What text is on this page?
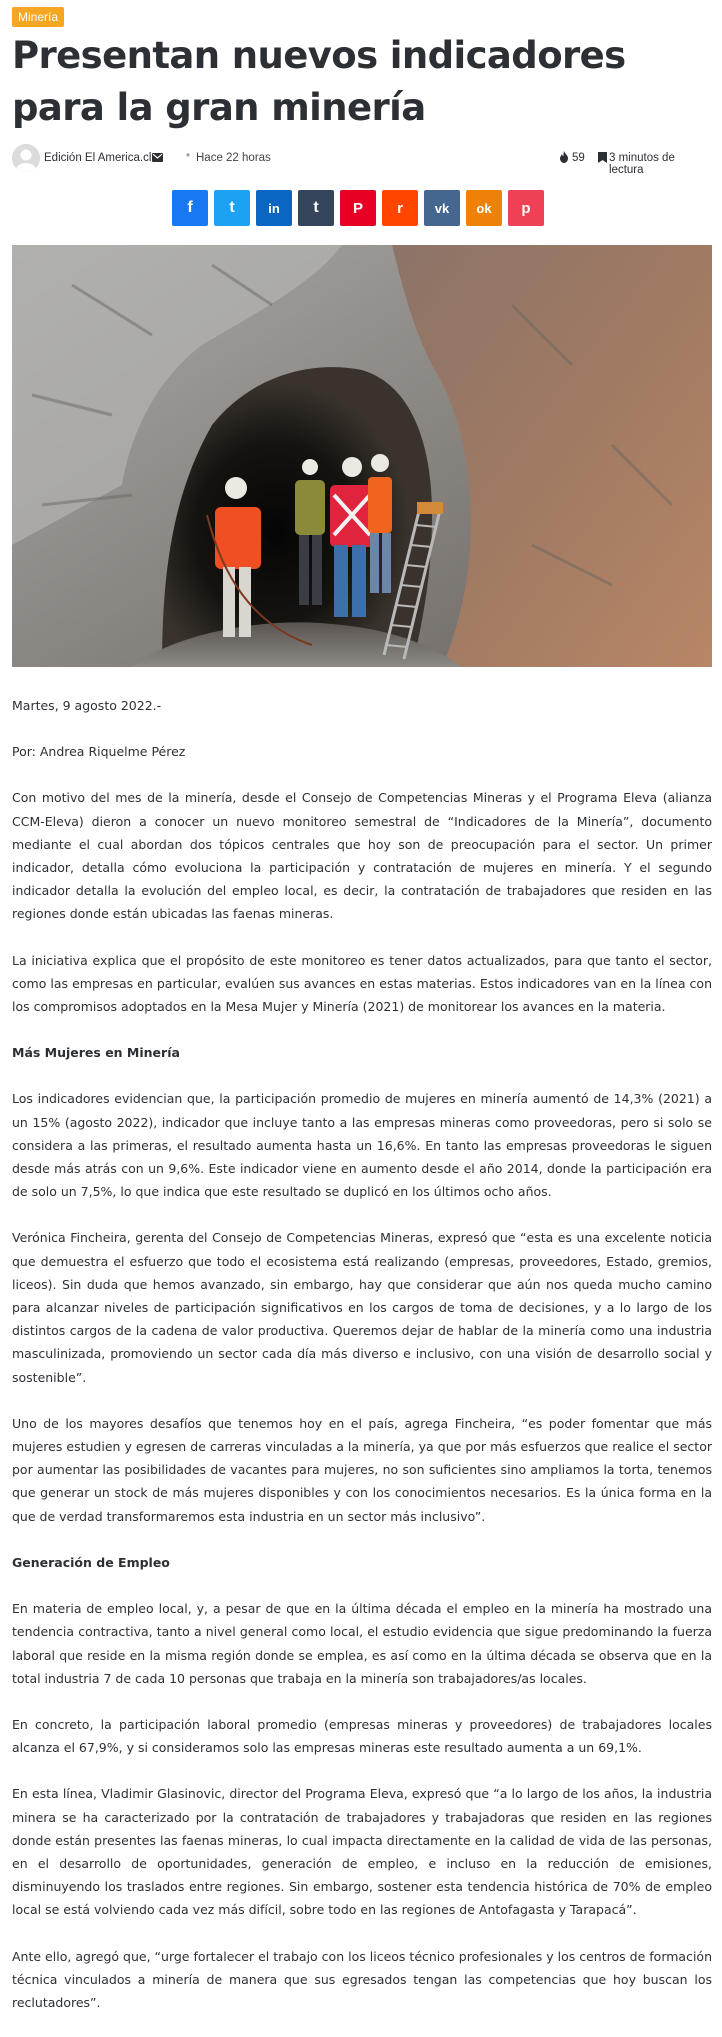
Minería
Presentan nuevos indicadores para la gran minería
Edición El America.cl	• Hace 22 horas	59 3 minutos de lectura
f t	in t P r vk ok p

Martes, 9 agosto 2022.-

Por: Andrea Riquelme Pérez

Con motivo del mes de la minería, desde el Consejo de Competencias Mineras y el Programa Eleva (alianza CCM-Eleva) dieron a conocer un nuevo monitoreo semestral de “Indicadores de la Minería”, documento mediante el cual abordan dos tópicos centrales que hoy son de preocupación para el sector. Un primer indicador, detalla cómo evoluciona la participación y contratación de mujeres en minería. Y el segundo indicador detalla la evolución del empleo local, es decir, la contratación de trabajadores que residen en las regiones donde están ubicadas las faenas mineras.

La iniciativa explica que el propósito de este monitoreo es tener datos actualizados, para que tanto el sector, como las empresas en particular, evalúen sus avances en estas materias. Estos indicadores van en la línea con los compromisos adoptados en la Mesa Mujer y Minería (2021) de monitorear los avances en la materia.

Más Mujeres en Minería

Los indicadores evidencian que, la participación promedio de mujeres en minería aumentó de 14,3% (2021) a un 15% (agosto 2022), indicador que incluye tanto a las empresas mineras como proveedoras, pero si solo se considera a las primeras, el resultado aumenta hasta un 16,6%. En tanto las empresas proveedoras le siguen desde más atrás con un 9,6%. Este indicador viene en aumento desde el año 2014, donde la participación era de solo un 7,5%, lo que indica que este resultado se duplicó en los últimos ocho años.

Verónica Fincheira, gerenta del Consejo de Competencias Mineras, expresó que “esta es una excelente noticia que demuestra el esfuerzo que todo el ecosistema está realizando (empresas, proveedores, Estado, gremios, liceos). Sin duda que hemos avanzado, sin embargo, hay que considerar que aún nos queda mucho camino para alcanzar niveles de participación significativos en los cargos de toma de decisiones, y a lo largo de los distintos cargos de la cadena de valor productiva. Queremos dejar de hablar de la minería como una industria masculinizada, promoviendo un sector cada día más diverso e inclusivo, con una visión de desarrollo social y sostenible”.

Uno de los mayores desafíos que tenemos hoy en el país, agrega Fincheira, “es poder fomentar que más mujeres estudien y egresen de carreras vinculadas a la minería, ya que por más esfuerzos que realice el sector por aumentar las posibilidades de vacantes para mujeres, no son suficientes sino ampliamos la torta, tenemos que generar un stock de más mujeres disponibles y con los conocimientos necesarios. Es la única forma en la que de verdad transformaremos esta industria en un sector más inclusivo”.

Generación de Empleo

En materia de empleo local, y, a pesar de que en la última década el empleo en la minería ha mostrado una tendencia contractiva, tanto a nivel general como local, el estudio evidencia que sigue predominando la fuerza laboral que reside en la misma región donde se emplea, es así como en la última década se observa que en la total industria 7 de cada 10 personas que trabaja en la minería son trabajadores/as locales.

En concreto, la participación laboral promedio (empresas mineras y proveedores) de trabajadores locales alcanza el 67,9%, y si consideramos solo las empresas mineras este resultado aumenta a un 69,1%.

En esta línea, Vladimir Glasinovic, director del Programa Eleva, expresó que “a lo largo de los años, la industria minera se ha caracterizado por la contratación de trabajadores y trabajadoras que residen en las regiones donde están presentes las faenas mineras, lo cual impacta directamente en la calidad de vida de las personas, en el desarrollo de oportunidades, generación de empleo, e incluso en la reducción de emisiones, disminuyendo los traslados entre regiones. Sin embargo, sostener esta tendencia histórica de 70% de empleo local se está volviendo cada vez más difícil, sobre todo en las regiones de Antofagasta y Tarapacá”.

Ante ello, agregó que, “urge fortalecer el trabajo con los liceos técnico profesionales y los centros de formación técnica vinculados a minería de manera que sus egresados tengan las competencias que hoy buscan los reclutadores”.
